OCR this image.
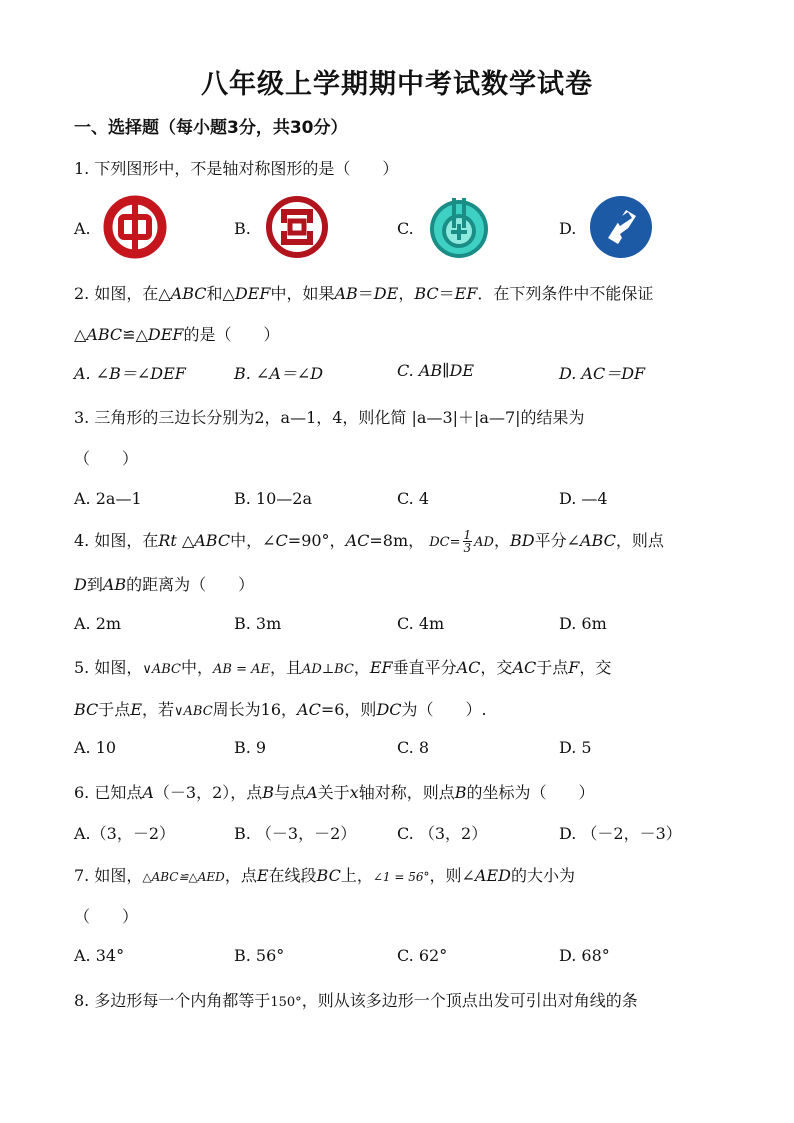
八年级上学期期中考试数学试卷
一、选择题（每小题3分，共30分）
1. 下列图形中，不是轴对称图形的是（　　）
A.	B.	C.	D.
2. 如图，在△ABC和△DEF中，如果AB＝DE，BC＝EF．在下列条件中不能保证
△ABC≌△DEF的是（　　）
A. ∠B＝∠DEF	B. ∠A＝∠D	C. AB∥DE	D. AC＝DF
3. 三角形的三边长分别为2，a—1，4，则化简 |a—3|＋|a—7|的结果为
（　　）
A. 2a—1	B. 10—2a	C. 4	D. —4
4. 如图，在Rt △ABC中，∠C=90°，AC=8m， $DC= \frac{1}{3}$ AD，BD平分∠ABC，则点
D到AB的距离为（　　）
A. 2m	B. 3m	C. 4m	D. 6m
5. 如图，∨ABC中，AB = AE，且AD⊥BC，EF垂直平分AC，交AC于点F，交
BC于点E，若∨ABC周长为16，AC=6，则DC为（　　）.
A. 10	B. 9	C. 8	D. 5
6. 已知点A（－3，2），点B与点A关于x轴对称，则点B的坐标为（　　）
A.（3，－2）	B. （－3，－2）	C. （3，2）	D. （－2，－3）
7. 如图，△ABC≌△AED，点E在线段BC上，∠1 = 56°，则∠AED的大小为
（　　）
A. 34°	B. 56°	C. 62°	D. 68°
8. 多边形每一个内角都等于150°，则从该多边形一个顶点出发可引出对角线的条
